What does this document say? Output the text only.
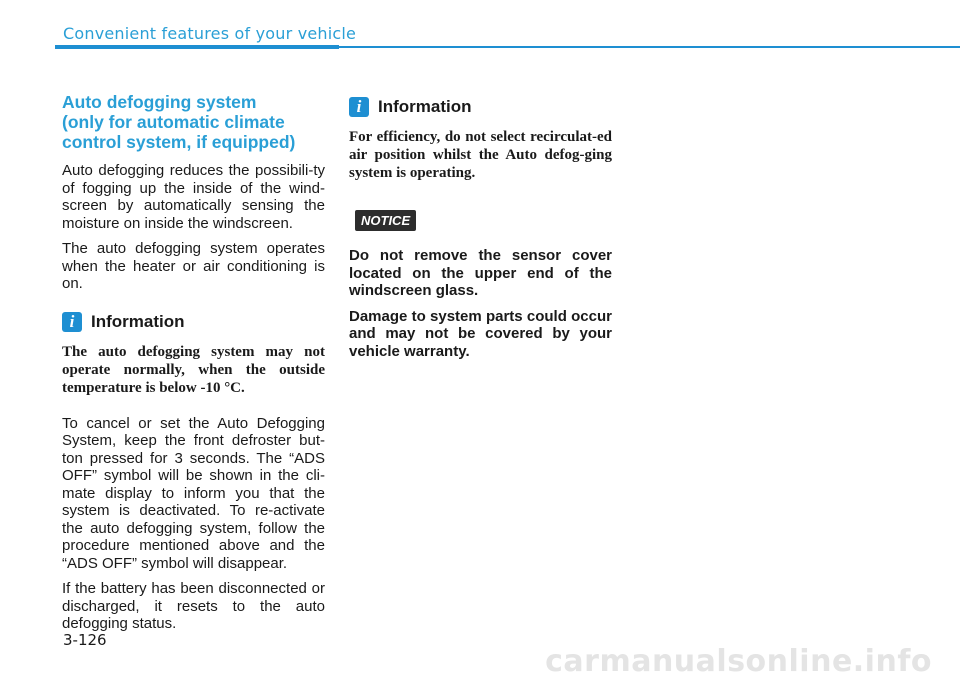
Convenient features of your vehicle
Auto defogging system
(only for automatic climate
control system, if equipped)

Auto defogging reduces the possibili-ty of fogging up the inside of the wind-screen by automatically sensing the moisture on inside the windscreen.

The auto defogging system operates when the heater or air conditioning is on.

i Information

The auto defogging system may not operate normally, when the outside temperature is below -10 °C.

To cancel or set the Auto Defogging System, keep the front defroster but-ton pressed for 3 seconds. The “ADS OFF” symbol will be shown in the cli-mate display to inform you that the system is deactivated. To re-activate the auto defogging system, follow the procedure mentioned above and the “ADS OFF” symbol will disappear.

If the battery has been disconnected or discharged, it resets to the auto defogging status.

i Information

For efficiency, do not select recirculat-ed air position whilst the Auto defog-ging system is operating.

NOTICE

Do not remove the sensor cover located on the upper end of the windscreen glass.

Damage to system parts could occur and may not be covered by your vehicle warranty.

3-126
carmanualsonline.info
